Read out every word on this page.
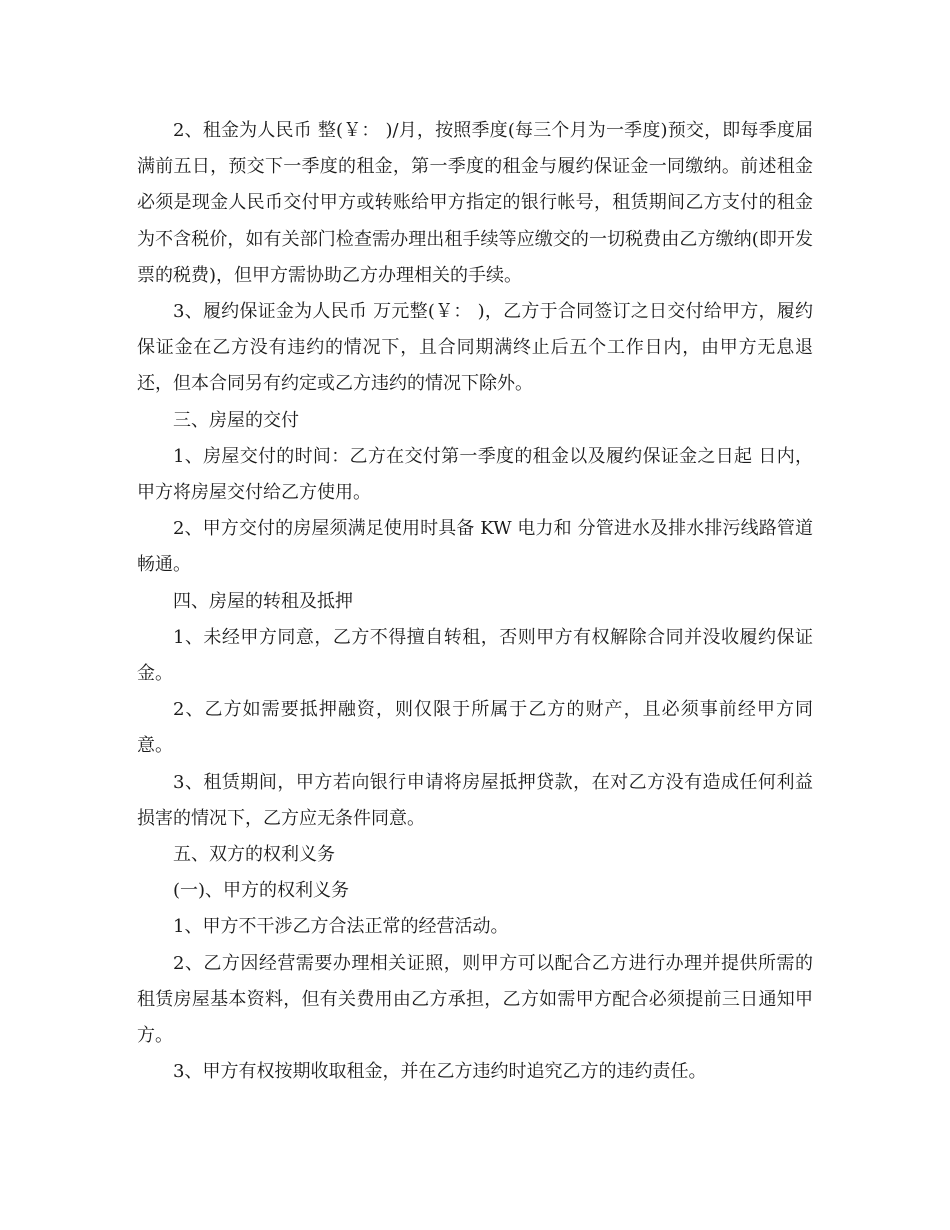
2、租金为人民币 整(￥： )/月，按照季度(每三个月为一季度)预交，即每季度届满前五日，预交下一季度的租金，第一季度的租金与履约保证金一同缴纳。前述租金必须是现金人民币交付甲方或转账给甲方指定的银行帐号，租赁期间乙方支付的租金为不含税价，如有关部门检查需办理出租手续等应缴交的一切税费由乙方缴纳(即开发票的税费)，但甲方需协助乙方办理相关的手续。

3、履约保证金为人民币 万元整(￥： )，乙方于合同签订之日交付给甲方，履约保证金在乙方没有违约的情况下，且合同期满终止后五个工作日内，由甲方无息退还，但本合同另有约定或乙方违约的情况下除外。

三、房屋的交付

1、房屋交付的时间：乙方在交付第一季度的租金以及履约保证金之日起 日内，甲方将房屋交付给乙方使用。

2、甲方交付的房屋须满足使用时具备 KW 电力和 分管进水及排水排污线路管道畅通。

四、房屋的转租及抵押

1、未经甲方同意，乙方不得擅自转租，否则甲方有权解除合同并没收履约保证金。

2、乙方如需要抵押融资，则仅限于所属于乙方的财产，且必须事前经甲方同意。

3、租赁期间，甲方若向银行申请将房屋抵押贷款，在对乙方没有造成任何利益损害的情况下，乙方应无条件同意。

五、双方的权利义务

(一)、甲方的权利义务

1、甲方不干涉乙方合法正常的经营活动。

2、乙方因经营需要办理相关证照，则甲方可以配合乙方进行办理并提供所需的租赁房屋基本资料，但有关费用由乙方承担，乙方如需甲方配合必须提前三日通知甲方。

3、甲方有权按期收取租金，并在乙方违约时追究乙方的违约责任。
